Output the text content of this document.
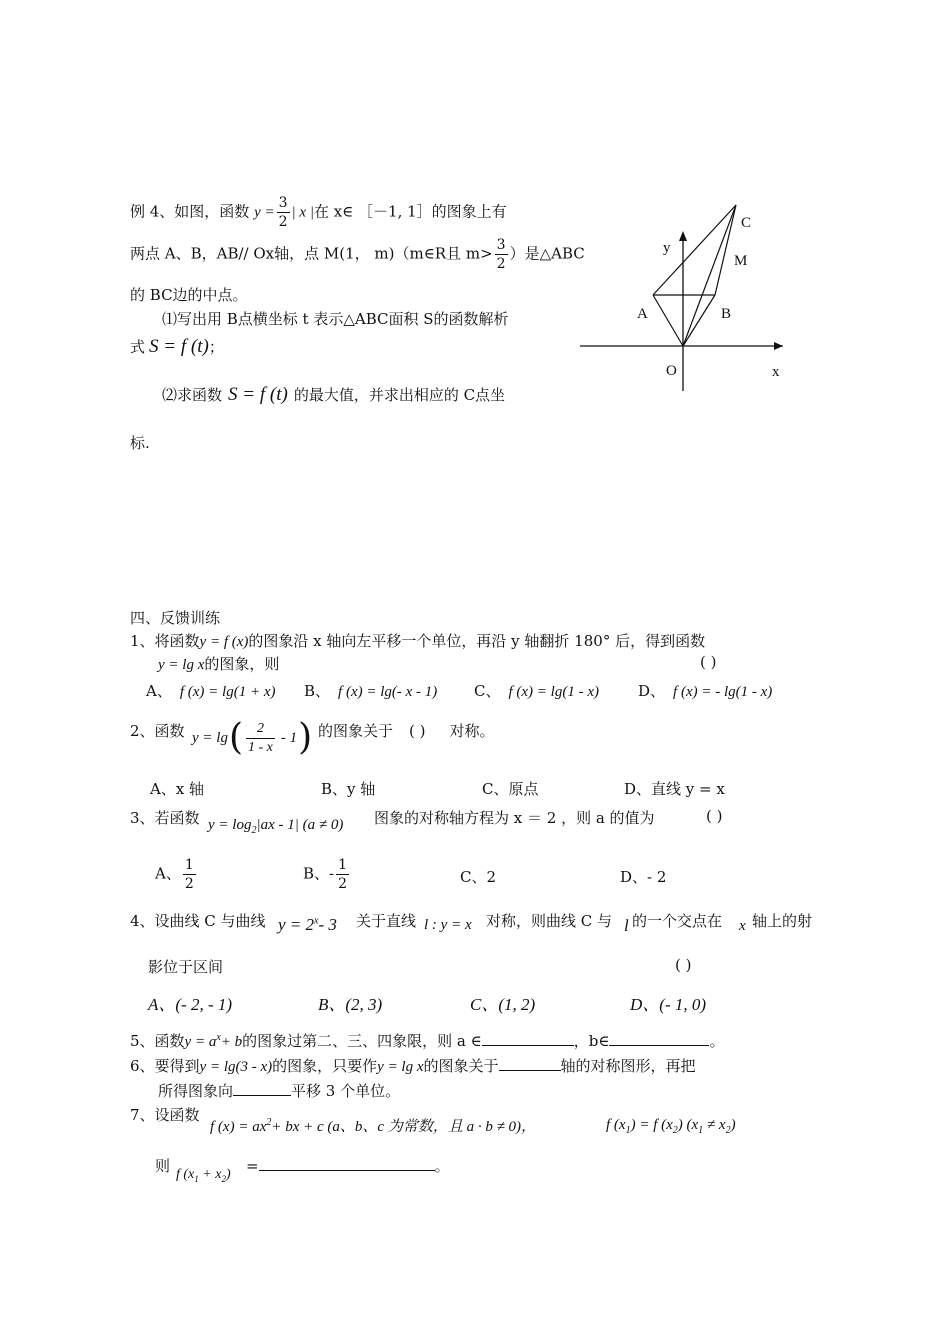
例 4、如图，函数 $y = \frac{3}{2}$ | x |在 x∈ ［－1, 1］的图象上有
两点 A、B，AB// Ox轴，点 M(1， m)（m∈R且 $m> \frac{3}{2}$ ）是△ABC
的 BC边的中点。
⑴写出用 B点横坐标 t 表示△ABC面积 S的函数解析
式 S = f (t)；
⑵求函数 S = f (t) 的最大值，并求出相应的 C点坐
标.
y
x
O
A	B
C
M
四、反馈训练
1、将函数y = f (x)的图象沿 x 轴向左平移一个单位，再沿 y 轴翻折 180° 后，得到函数
y = lg x的图象，则	( )
A、 f (x) = lg(1 + x) B、 f (x) = lg(- x - 1) C、 f (x) = lg(1 - x)	D、 f (x) = - lg(1 - x)
2、函数 y = lg ( $\frac{2}{1 - x} - 1$ ) 的图象关于 ( ) 对称。
A、x 轴	B、y 轴	C、原点	D、直线 y = x
3、若函数 $y = \log_2|ax - 1|$ (a ≠ 0) 图象的对称轴方程为 x ＝ 2 ，则 a 的值为	( )
A、 $\frac{1}{2}$	B、- $\frac{1}{2}$	C、2	D、- 2
4、设曲线 C 与曲线 $y = 2^x-$ 3 关于直线 l : y = x 对称，则曲线 C 与 l 的一个交点在 x 轴上的射
影位于区间	( )
A、(- 2, - 1)	B、(2, 3)	C、(1, 2)	D、(- 1, 0)
5、函数$y = a^x+ b$的图象过第二、三、四象限，则 a ∈	，b∈	。
6、要得到y = lg(3 - x)的图象，只要作y = lg x的图象关于	轴的对称图形，再把
所得图象向	平移 3 个单位。
7、设函数
f $(x) = ax^2+$ bx + c (a、b、c 为常数，且 a · b ≠ 0)，	f $(x_1) = f$ $(x_2) (x_1 \ne x_2)$
则 f $(x_1 + x_2)$ =	。
